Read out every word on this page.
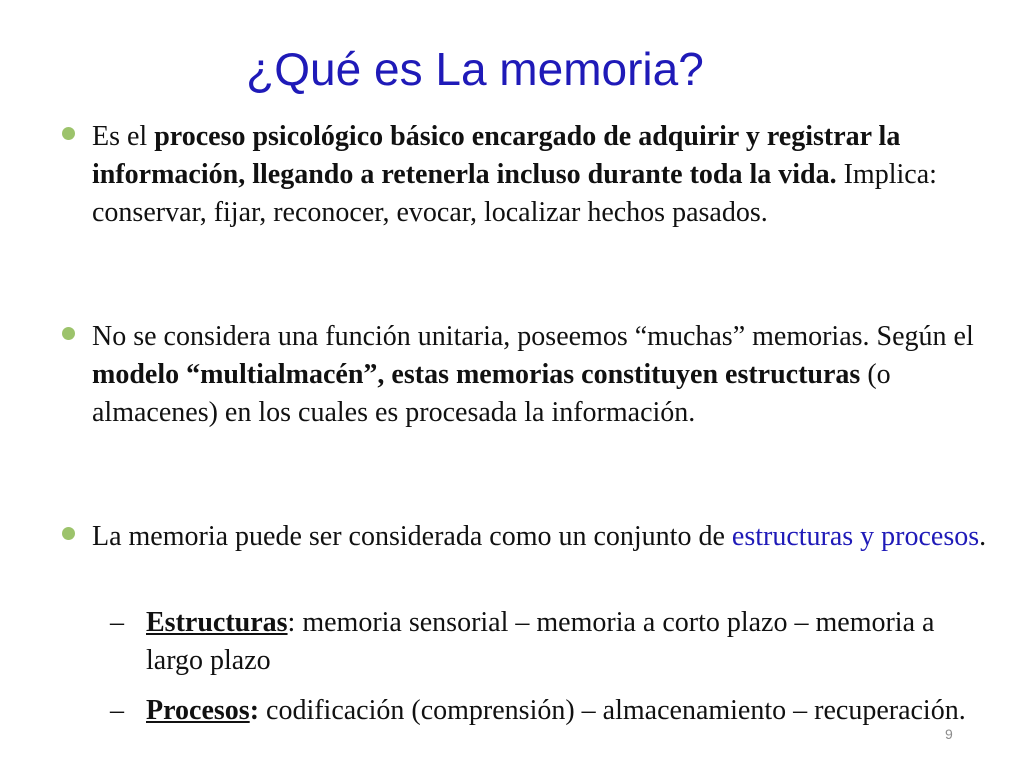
¿Qué es La memoria?
Es el proceso psicológico básico encargado de adquirir y registrar la información, llegando a retenerla incluso durante toda la vida. Implica: conservar, fijar, reconocer, evocar, localizar hechos pasados.
No se considera una función unitaria, poseemos “muchas” memorias. Según el modelo “multialmacén”, estas memorias constituyen estructuras (o almacenes) en los cuales es procesada la información.
La memoria puede ser considerada como un conjunto de estructuras y procesos.
– Estructuras: memoria sensorial – memoria a corto plazo – memoria a largo plazo
– Procesos: codificación (comprensión) – almacenamiento – recuperación.
9
